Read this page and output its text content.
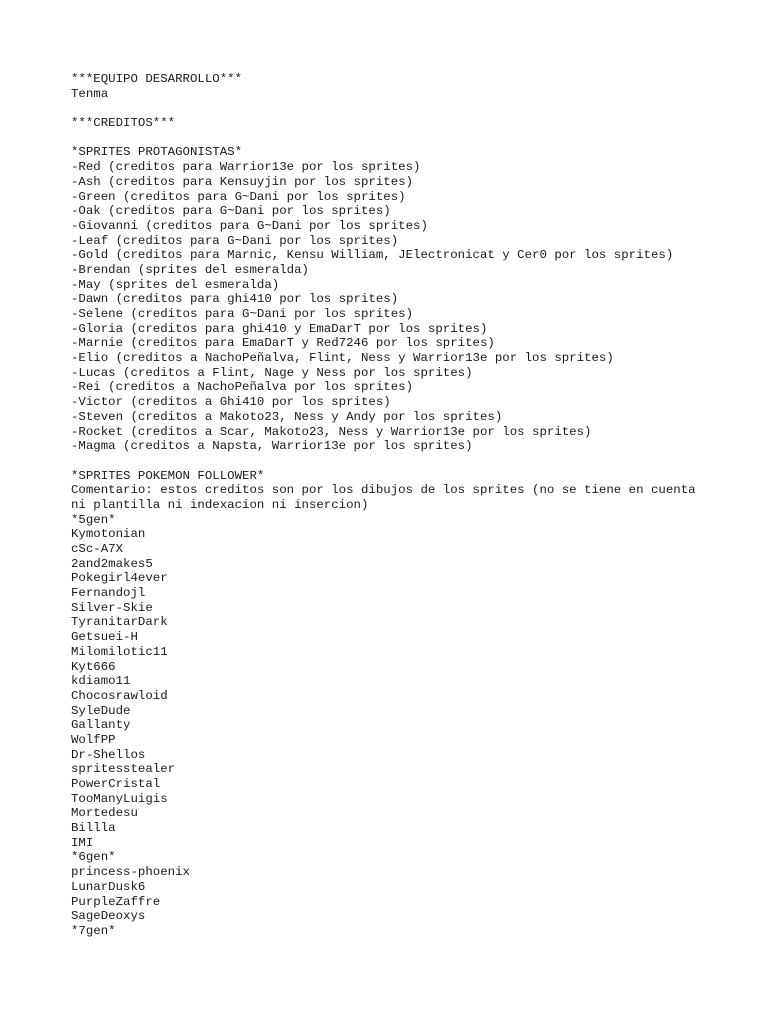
***EQUIPO DESARROLLO***
Tenma
***CREDITOS***
*SPRITES PROTAGONISTAS*
-Red (creditos para Warrior13e por los sprites)
-Ash (creditos para Kensuyjin por los sprites)
-Green (creditos para G~Dani por los sprites)
-Oak (creditos para G~Dani por los sprites)
-Giovanni (creditos para G~Dani por los sprites)
-Leaf (creditos para G~Dani por los sprites)
-Gold (creditos para Marnic, Kensu William, JElectronicat y Cer0 por los sprites)
-Brendan (sprites del esmeralda)
-May (sprites del esmeralda)
-Dawn (creditos para ghi410 por los sprites)
-Selene (creditos para G~Dani por los sprites)
-Gloria (creditos para ghi410 y EmaDarT por los sprites)
-Marnie (creditos para EmaDarT y Red7246 por los sprites)
-Elio (creditos a NachoPeñalva, Flint, Ness y Warrior13e por los sprites)
-Lucas (creditos a Flint, Nage y Ness por los sprites)
-Rei (creditos a NachoPeñalva por los sprites)
-Victor (creditos a Ghi410 por los sprites)
-Steven (creditos a Makoto23, Ness y Andy por los sprites)
-Rocket (creditos a Scar, Makoto23, Ness y Warrior13e por los sprites)
-Magma (creditos a Napsta, Warrior13e por los sprites)
*SPRITES POKEMON FOLLOWER*
Comentario: estos creditos son por los dibujos de los sprites (no se tiene en cuenta ni plantilla ni indexacion ni insercion)
*5gen*
Kymotonian
cSc-A7X
2and2makes5
Pokegirl4ever
Fernandojl
Silver-Skie
TyranitarDark
Getsuei-H
Milomilotic11
Kyt666
kdiamo11
Chocosrawloid
SyleDude
Gallanty
WolfPP
Dr-Shellos
spritesstealer
PowerCristal
TooManyLuigis
Mortedesu
Billla
IMI
*6gen*
princess-phoenix
LunarDusk6
PurpleZaffre
SageDeoxys
*7gen*
